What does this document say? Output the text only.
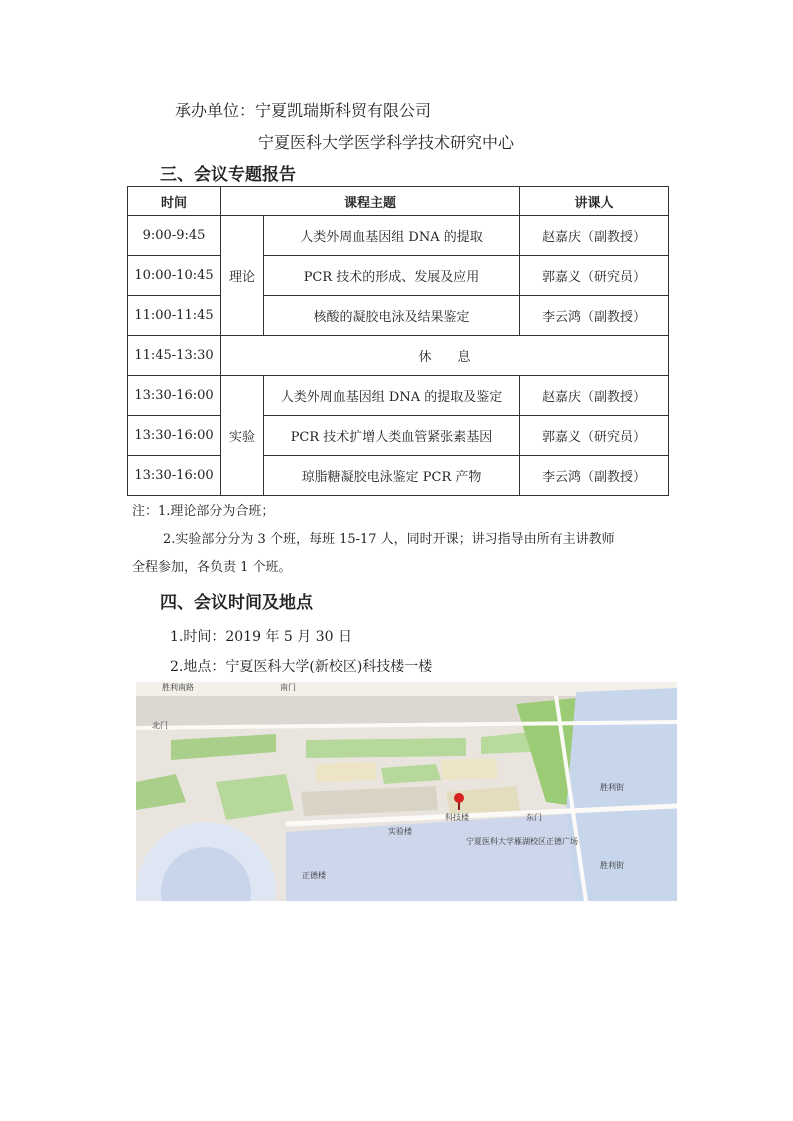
承办单位：宁夏凯瑞斯科贸有限公司
宁夏医科大学医学科学技术研究中心
三、会议专题报告
时间	课程主题		讲课人
9:00-9:45	理论	人类外周血基因组 DNA 的提取	赵嘉庆（副教授）
10:00-10:45		PCR 技术的形成、发展及应用	郭嘉义（研究员）
11:00-11:45		核酸的凝胶电泳及结果鉴定	李云鸿（副教授）
11:45-13:30	休　　息		
13:30-16:00	实验	人类外周血基因组 DNA 的提取及鉴定	赵嘉庆（副教授）
13:30-16:00		PCR 技术扩增人类血管紧张素基因	郭嘉义（研究员）
13:30-16:00		琼脂糖凝胶电泳鉴定 PCR 产物	李云鸿（副教授）
注：1.理论部分为合班；
2.实验部分分为 3 个班，每班 15-17 人，同时开课；讲习指导由所有主讲教师
全程参加，各负责 1 个班。
四、会议时间及地点
1.时间：2019 年 5 月 30 日
2.地点：宁夏医科大学(新校区)科技楼一楼
胜利南路	南门
北门
科技楼	东门
实验楼
宁夏医科大学雁湖校区正德广场
正德楼
胜利街
胜利街
